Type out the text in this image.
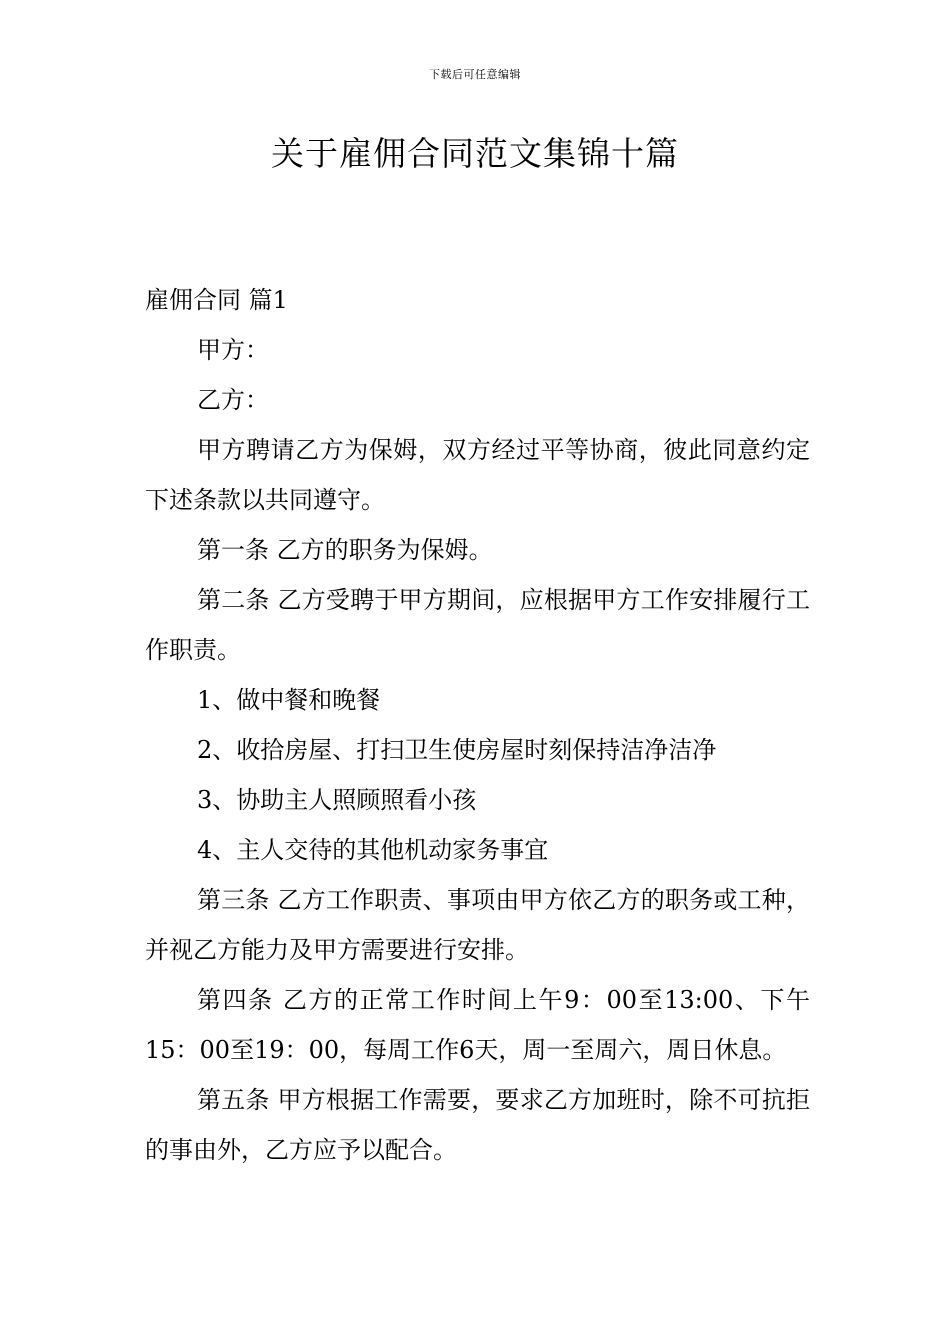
下载后可任意编辑
关于雇佣合同范文集锦十篇

雇佣合同 篇1

甲方：

乙方：

甲方聘请乙方为保姆，双方经过平等协商，彼此同意约定下述条款以共同遵守。

第一条 乙方的职务为保姆。

第二条 乙方受聘于甲方期间，应根据甲方工作安排履行工作职责。

1、做中餐和晚餐

2、收拾房屋、打扫卫生使房屋时刻保持洁净洁净

3、协助主人照顾照看小孩

4、主人交待的其他机动家务事宜

第三条 乙方工作职责、事项由甲方依乙方的职务或工种，并视乙方能力及甲方需要进行安排。

第四条 乙方的正常工作时间上午9：00至13:00、下午15：00至19：00，每周工作6天，周一至周六，周日休息。

第五条 甲方根据工作需要，要求乙方加班时，除不可抗拒的事由外，乙方应予以配合。
